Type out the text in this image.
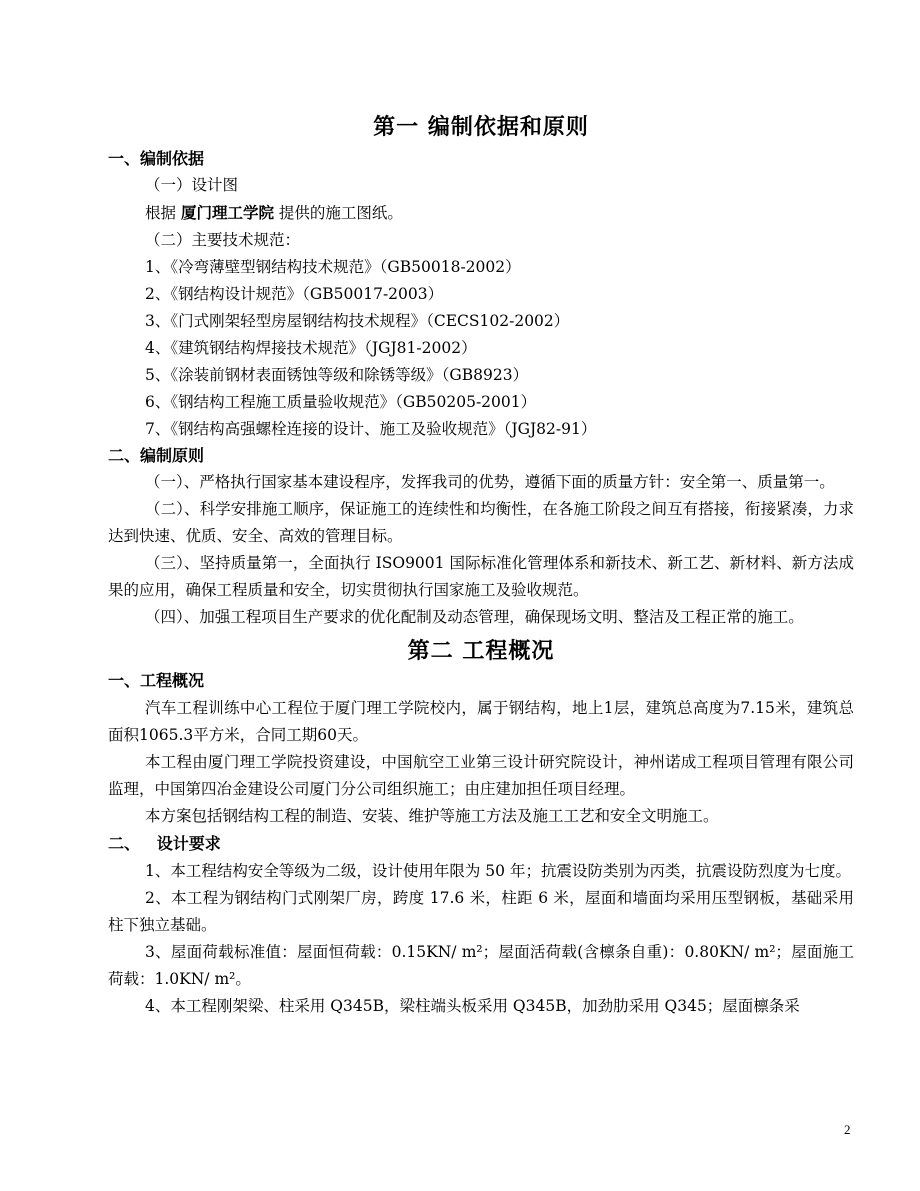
第一 编制依据和原则

一、编制依据

（一）设计图

根据 厦门理工学院 提供的施工图纸。

（二）主要技术规范：

1、《冷弯薄壁型钢结构技术规范》（GB50018-2002）

2、《钢结构设计规范》（GB50017-2003）

3、《门式刚架轻型房屋钢结构技术规程》（CECS102-2002）

4、《建筑钢结构焊接技术规范》（JGJ81-2002）

5、《涂装前钢材表面锈蚀等级和除锈等级》（GB8923）

6、《钢结构工程施工质量验收规范》（GB50205-2001）

7、《钢结构高强螺栓连接的设计、施工及验收规范》（JGJ82-91）

二、编制原则

（一）、严格执行国家基本建设程序，发挥我司的优势，遵循下面的质量方针：安全第一、质量第一。

（二）、科学安排施工顺序，保证施工的连续性和均衡性，在各施工阶段之间互有搭接，衔接紧凑，力求达到快速、优质、安全、高效的管理目标。

（三）、坚持质量第一，全面执行 ISO9001 国际标准化管理体系和新技术、新工艺、新材料、新方法成果的应用，确保工程质量和安全，切实贯彻执行国家施工及验收规范。

（四）、加强工程项目生产要求的优化配制及动态管理，确保现场文明、整洁及工程正常的施工。

第二 工程概况

一、工程概况

汽车工程训练中心工程位于厦门理工学院校内，属于钢结构，地上1层，建筑总高度为7.15米，建筑总面积1065.3平方米，合同工期60天。

本工程由厦门理工学院投资建设，中国航空工业第三设计研究院设计，神州诺成工程项目管理有限公司监理，中国第四冶金建设公司厦门分公司组织施工；由庄建加担任项目经理。

本方案包括钢结构工程的制造、安装、维护等施工方法及施工工艺和安全文明施工。

二、   设计要求

1、本工程结构安全等级为二级，设计使用年限为 50 年；抗震设防类别为丙类，抗震设防烈度为七度。

2、本工程为钢结构门式刚架厂房，跨度 17.6 米，柱距 6 米，屋面和墙面均采用压型钢板，基础采用柱下独立基础。

3、屋面荷载标准值：屋面恒荷载：0.15KN/ m²；屋面活荷载(含檩条自重)：0.80KN/ m²；屋面施工荷载：1.0KN/ m²。

4、本工程刚架梁、柱采用 Q345B，梁柱端头板采用 Q345B，加劲肋采用 Q345；屋面檩条采

2
